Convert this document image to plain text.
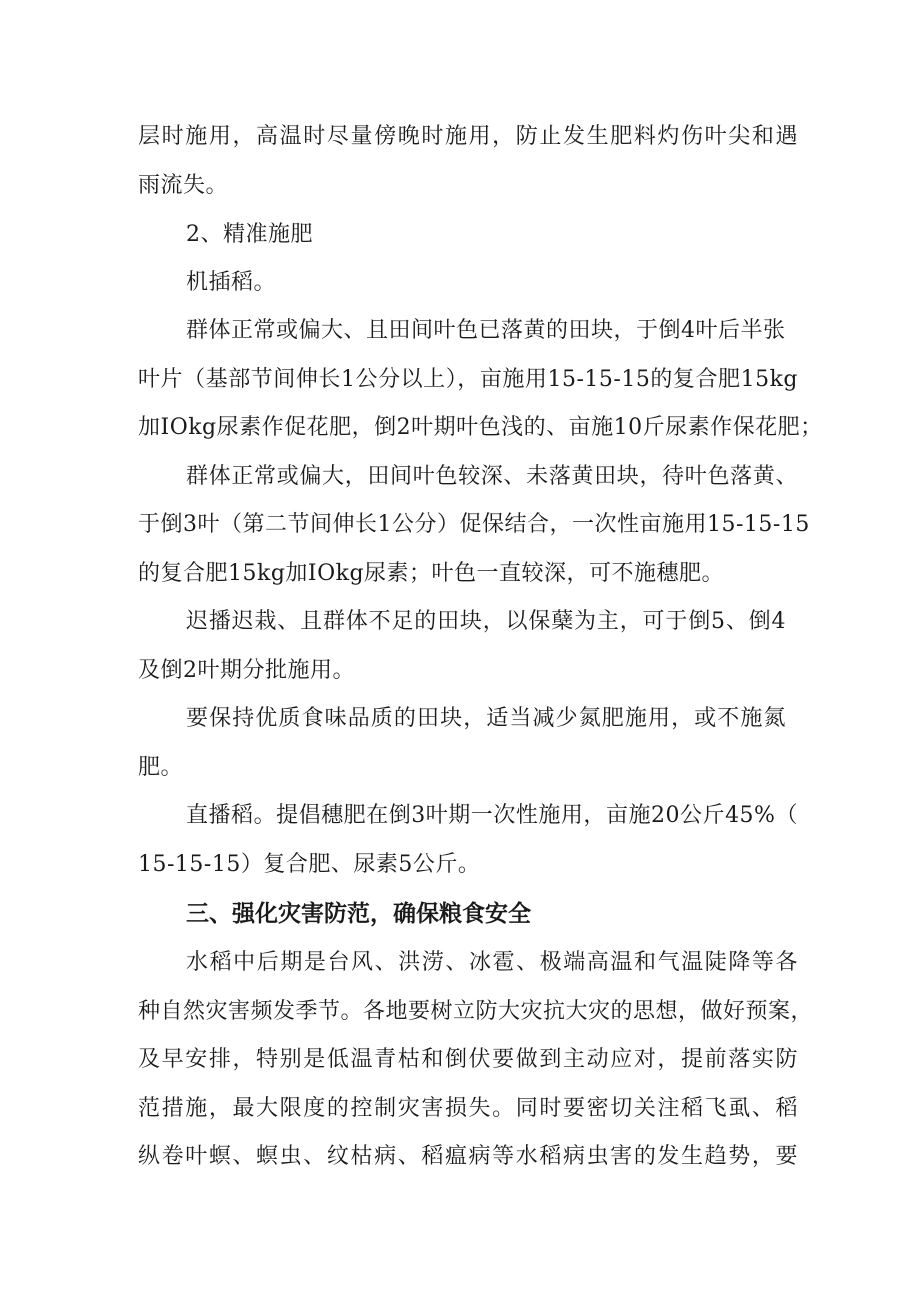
层时施用，高温时尽量傍晚时施用，防止发生肥料灼伤叶尖和遇
雨流失。
2、精准施肥
机插稻。
群体正常或偏大、且田间叶色已落黄的田块，于倒4叶后半张
叶片（基部节间伸长1公分以上），亩施用15-15-15的复合肥15kg
加IOkg尿素作促花肥，倒2叶期叶色浅的、亩施10斤尿素作保花肥；
群体正常或偏大，田间叶色较深、未落黄田块，待叶色落黄、
于倒3叶（第二节间伸长1公分）促保结合，一次性亩施用15-15-15
的复合肥15kg加IOkg尿素；叶色一直较深，可不施穗肥。
迟播迟栽、且群体不足的田块，以保蘖为主，可于倒5、倒4
及倒2叶期分批施用。
要保持优质食味品质的田块，适当减少氮肥施用，或不施氮
肥。
直播稻。提倡穗肥在倒3叶期一次性施用，亩施20公斤45%（
15-15-15）复合肥、尿素5公斤。
三、强化灾害防范，确保粮食安全
水稻中后期是台风、洪涝、冰雹、极端高温和气温陡降等各
种自然灾害频发季节。各地要树立防大灾抗大灾的思想，做好预案，
及早安排，特别是低温青枯和倒伏要做到主动应对，提前落实防
范措施，最大限度的控制灾害损失。同时要密切关注稻飞虱、稻
纵卷叶螟、螟虫、纹枯病、稻瘟病等水稻病虫害的发生趋势，要
